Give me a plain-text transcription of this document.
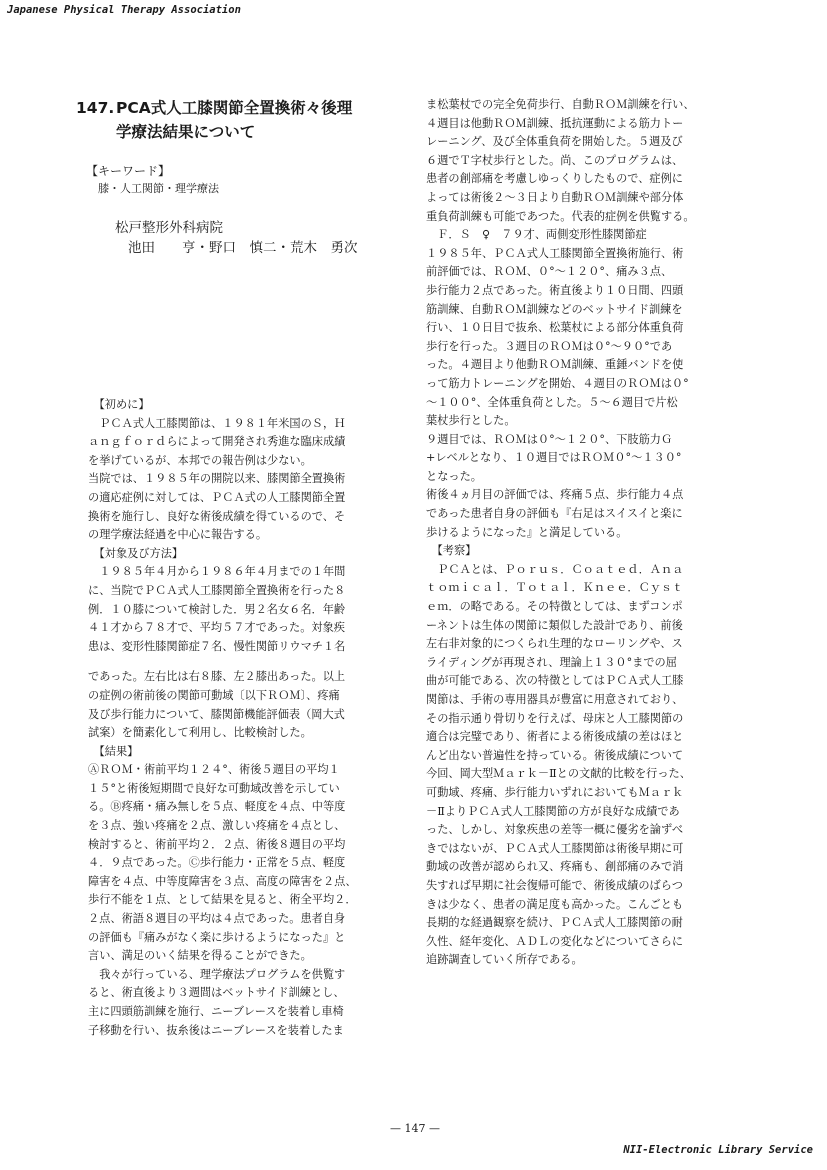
Japanese Physical Therapy Association
147. PCA式人工膝関節全置換術々後理
学療法結果について
【キーワード】
膝・人工関節・理学療法
松戸整形外科病院
池田　　亨・野口　慎二・荒木　勇次
　【初めに】
　ＰＣＡ式人工膝関節は、１９８１年米国のＳ，Ｈ
ａｎｇｆｏｒｄらによって開発され秀進な臨床成績
を挙げているが、本邦での報告例は少ない。
当院では、１９８５年の開院以来、膝関節全置換術
の適応症例に対しては、ＰＣＡ式の人工膝関節全置
換術を施行し、良好な術後成績を得ているので、そ
の理学療法経過を中心に報告する。
　【対象及び方法】
　１９８５年４月から１９８６年４月までの１年間
に、当院でＰＣＡ式人工膝関節全置換術を行った８
例．１０膝について検討した．男２名女６名．年齢
４１才から７８才で、平均５７才であった。対象疾
患は、変形性膝関節症７名、慢性関節リウマチ１名
であった。左右比は右８膝、左２膝出あった。以上
の症例の術前後の関節可動域〔以下ＲＯＭ〕、疼痛
及び歩行能力について、膝関節機能評価表（岡大式
試案）を簡素化して利用し、比較検討した。
　【結果】
ⒶＲＯＭ・術前平均１２４°、術後５週目の平均１
１５°と術後短期間で良好な可動域改善を示してい
る。Ⓑ疼痛・痛み無しを５点、軽度を４点、中等度
を３点、強い疼痛を２点、激しい疼痛を４点とし、
検討すると、術前平均２．２点、術後８週目の平均
４．９点であった。Ⓒ歩行能力・正常を５点、軽度
障害を４点、中等度障害を３点、高度の障害を２点、
歩行不能を１点、として結果を見ると、術全平均２．
２点、術語８週目の平均は４点であった。患者自身
の評価も『痛みがなく楽に歩けるようになった』と
言い、満足のいく結果を得ることができた。
　我々が行っている、理学療法プログラムを供覧す
ると、術直後より３週間はベットサイド訓練とし、
主に四頭筋訓練を施行、ニーブレースを装着し車椅
子移動を行い、抜糸後はニーブレースを装着したま
ま松葉杖での完全免荷歩行、自動ＲＯＭ訓練を行い、
４週目は他動ＲＯＭ訓練、抵抗運動による筋力トー
レーニング、及び全体重負荷を開始した。５週及び
６週でＴ字杖歩行とした。尚、このプログラムは、
患者の創部痛を考慮しゆっくりしたもので、症例に
よっては術後２～３日より自動ＲＯＭ訓練や部分体
重負荷訓練も可能であつた。代表的症例を供覧する。
　Ｆ．Ｓ　♀　７９才、両側変形性膝関節症
１９８５年、ＰＣＡ式人工膝関節全置換術施行、術
前評価では、ＲＯＭ、０°～１２０°、痛み３点、
歩行能力２点であった。術直後より１０日間、四頭
筋訓練、自動ＲＯＭ訓練などのベットサイド訓練を
行い、１０日目で抜糸、松葉杖による部分体重負荷
歩行を行った。３週目のＲＯＭは０°～９０°であ
った。４週目より他動ＲＯＭ訓練、重錘バンドを使
って筋力トレーニングを開始、４週目のＲＯＭは０°
～１００°、全体重負荷とした。５～６週目で片松
葉杖歩行とした。
９週目では、ＲＯＭは０°～１２０°、下肢筋力Ｇ
+レベルとなり、１０週目ではＲＯＭ０°～１３０°
となった。
術後４ヵ月目の評価では、疼痛５点、歩行能力４点
であった患者自身の評価も『右足はスイスイと楽に
歩けるようになった』と満足している。
　【考察】
　ＰＣＡとは、Ｐｏｒｕｓ．Ｃｏａｔｅｄ．Ａｎａ
ｔｏｍｉｃａｌ．Ｔｏｔａｌ．Ｋｎｅｅ．Ｃｙｓｔ
ｅｍ．の略である。その特徴としては、まずコンポ
ーネントは生体の関節に類似した設計であり、前後
左右非対象的につくられ生理的なローリングや、ス
ライディングが再現され、理論上１３０°までの屈
曲が可能である、次の特徴としてはＰＣＡ式人工膝
関節は、手術の専用器具が豊富に用意されており、
その指示通り骨切りを行えば、母床と人工膝関節の
適合は完璧であり、術者による術後成績の差はほと
んど出ない普遍性を持っている。術後成績について
今回、岡大型Ｍａｒｋ－Ⅱとの文献的比較を行った、
可動域、疼痛、歩行能力いずれにおいてもＭａｒｋ
－ⅡよりＰＣＡ式人工膝関節の方が良好な成績であ
った、しかし、対象疾患の差等一概に優劣を論ずべ
きではないが、ＰＣＡ式人工膝関節は術後早期に可
動域の改善が認められ又、疼痛も、創部痛のみで消
失すれば早期に社会復帰可能で、術後成績のばらつ
きは少なく、患者の満足度も高かった。こんごとも
長期的な経過観察を続け、ＰＣＡ式人工膝関節の耐
久性、経年変化、ＡＤＬの変化などについてさらに
追跡調査していく所存である。
— 147 —
NII-Electronic Library Service
